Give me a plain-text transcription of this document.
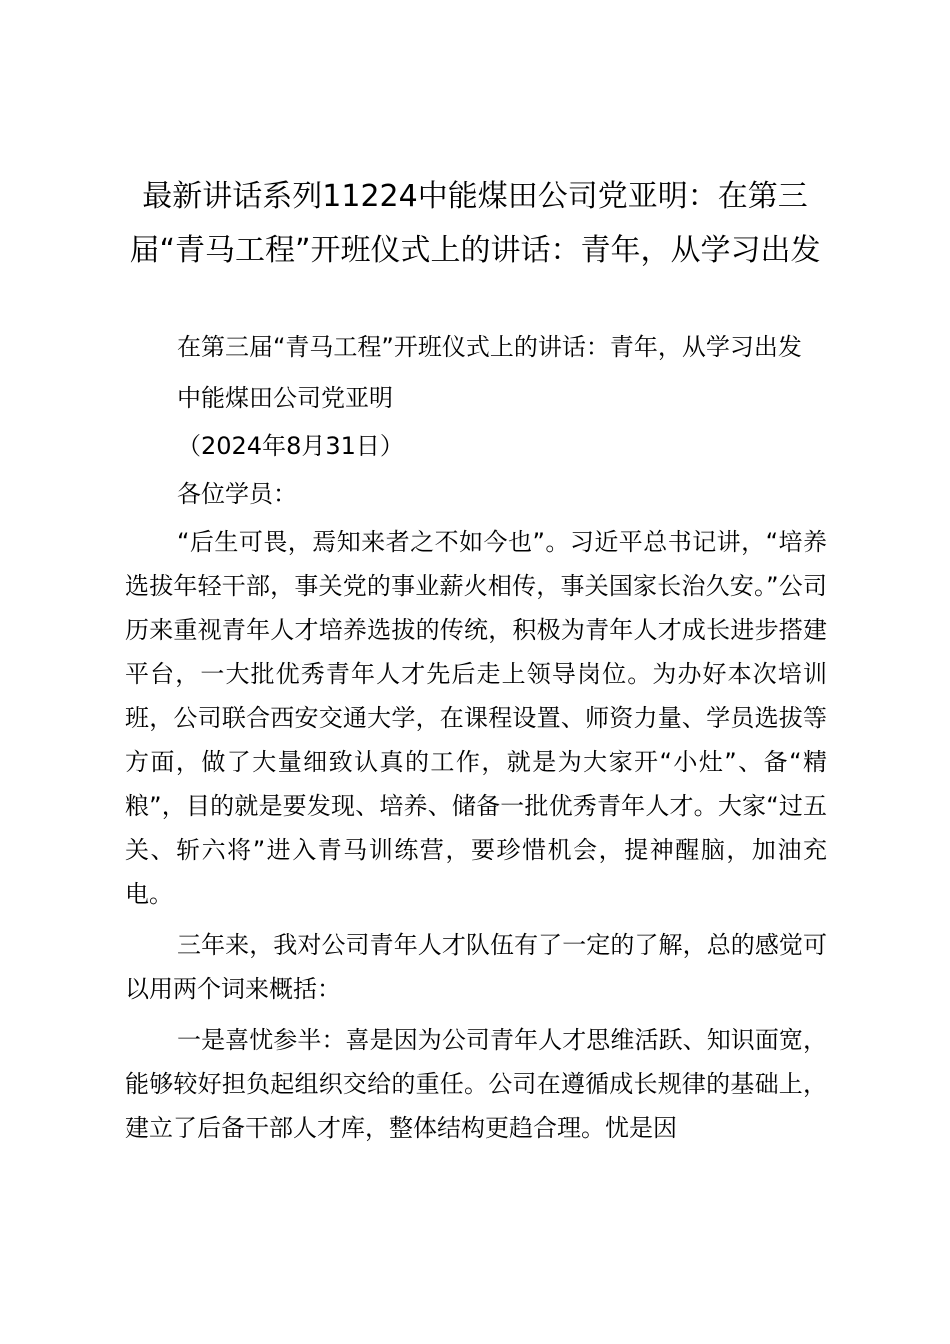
最新讲话系列11224中能煤田公司党亚明：在第三届“青马工程”开班仪式上的讲话：青年，从学习出发

在第三届“青马工程”开班仪式上的讲话：青年，从学习出发

中能煤田公司党亚明

（2024年8月31日）

各位学员：

“后生可畏，焉知来者之不如今也”。习近平总书记讲，“培养选拔年轻干部，事关党的事业薪火相传，事关国家长治久安。”公司历来重视青年人才培养选拔的传统，积极为青年人才成长进步搭建平台，一大批优秀青年人才先后走上领导岗位。为办好本次培训班，公司联合西安交通大学，在课程设置、师资力量、学员选拔等方面，做了大量细致认真的工作，就是为大家开“小灶”、备“精粮”，目的就是要发现、培养、储备一批优秀青年人才。大家“过五关、斩六将”进入青马训练营，要珍惜机会，提神醒脑，加油充电。

三年来，我对公司青年人才队伍有了一定的了解，总的感觉可以用两个词来概括：

一是喜忧参半：喜是因为公司青年人才思维活跃、知识面宽，能够较好担负起组织交给的重任。公司在遵循成长规律的基础上，建立了后备干部人才库，整体结构更趋合理。忧是因
